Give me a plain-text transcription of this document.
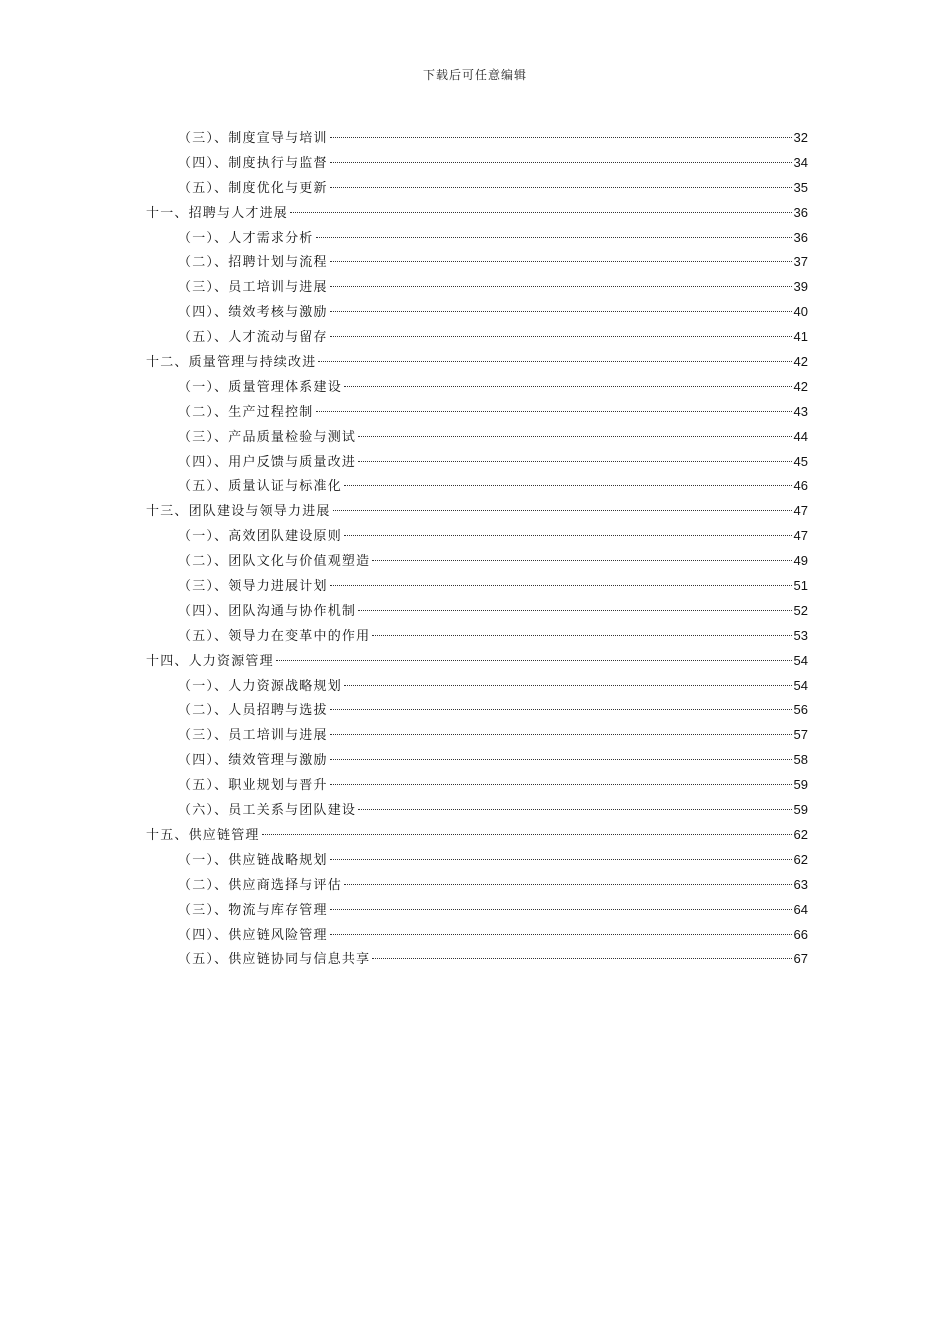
下载后可任意编辑
（三）、制度宣导与培训	32
（四）、制度执行与监督	34
（五）、制度优化与更新	35
十一、招聘与人才进展	36
（一）、人才需求分析	36
（二）、招聘计划与流程	37
（三）、员工培训与进展	39
（四）、绩效考核与激励	40
（五）、人才流动与留存	41
十二、质量管理与持续改进	42
（一）、质量管理体系建设	42
（二）、生产过程控制	43
（三）、产品质量检验与测试	44
（四）、用户反馈与质量改进	45
（五）、质量认证与标准化	46
十三、团队建设与领导力进展	47
（一）、高效团队建设原则	47
（二）、团队文化与价值观塑造	49
（三）、领导力进展计划	51
（四）、团队沟通与协作机制	52
（五）、领导力在变革中的作用	53
十四、人力资源管理	54
（一）、人力资源战略规划	54
（二）、人员招聘与选拔	56
（三）、员工培训与进展	57
（四）、绩效管理与激励	58
（五）、职业规划与晋升	59
（六）、员工关系与团队建设	59
十五、供应链管理	62
（一）、供应链战略规划	62
（二）、供应商选择与评估	63
（三）、物流与库存管理	64
（四）、供应链风险管理	66
（五）、供应链协同与信息共享	67
